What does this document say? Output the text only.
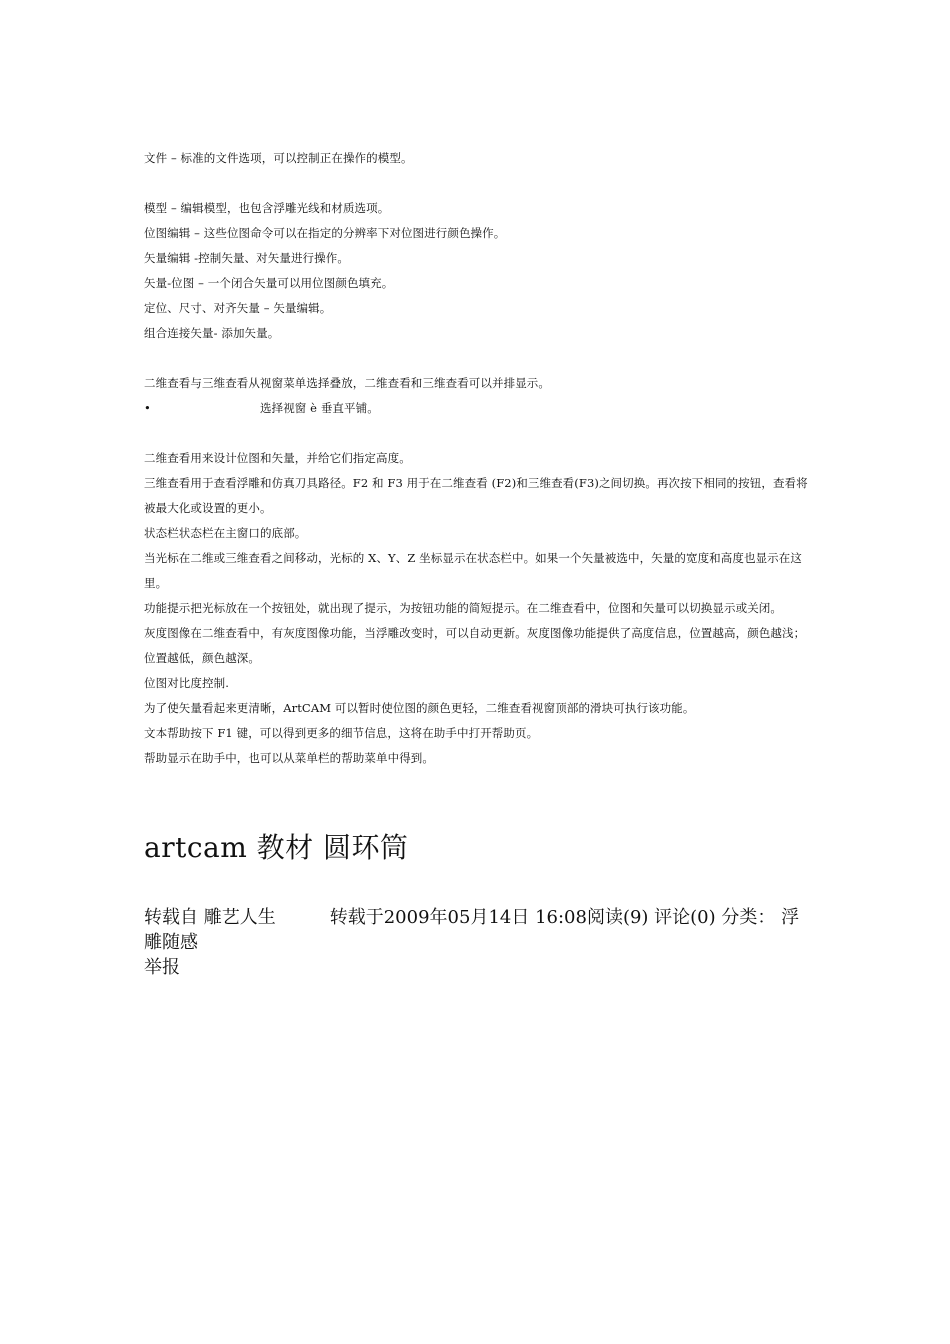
文件 – 标准的文件选项，可以控制正在操作的模型。
模型 – 编辑模型，也包含浮雕光线和材质选项。
位图编辑 – 这些位图命令可以在指定的分辨率下对位图进行颜色操作。
矢量编辑 -控制矢量、对矢量进行操作。
矢量-位图 – 一个闭合矢量可以用位图颜色填充。
定位、尺寸、对齐矢量 – 矢量编辑。
组合连接矢量- 添加矢量。
二维查看与三维查看从视窗菜单选择叠放，二维查看和三维查看可以并排显示。
•	选择视窗 è 垂直平铺。
二维查看用来设计位图和矢量，并给它们指定高度。
三维查看用于查看浮雕和仿真刀具路径。F2 和 F3 用于在二维查看 (F2)和三维查看(F3)之间切换。再次按下相同的按钮，查看将被最大化或设置的更小。
状态栏状态栏在主窗口的底部。
当光标在二维或三维查看之间移动，光标的 X、Y、Z 坐标显示在状态栏中。如果一个矢量被选中，矢量的宽度和高度也显示在这里。
功能提示把光标放在一个按钮处，就出现了提示，为按钮功能的简短提示。在二维查看中，位图和矢量可以切换显示或关闭。
灰度图像在二维查看中，有灰度图像功能，当浮雕改变时，可以自动更新。灰度图像功能提供了高度信息，位置越高，颜色越浅；位置越低，颜色越深。
位图对比度控制.
为了使矢量看起来更清晰，ArtCAM 可以暂时使位图的颜色更轻，二维查看视窗顶部的滑块可执行该功能。
文本帮助按下 F1 键，可以得到更多的细节信息，这将在助手中打开帮助页。
帮助显示在助手中，也可以从菜单栏的帮助菜单中得到。
artcam 教材 圆环筒
转载自 雕艺人生	转载于2009年05月14日 16:08阅读(9) 评论(0) 分类： 浮雕随感
举报
